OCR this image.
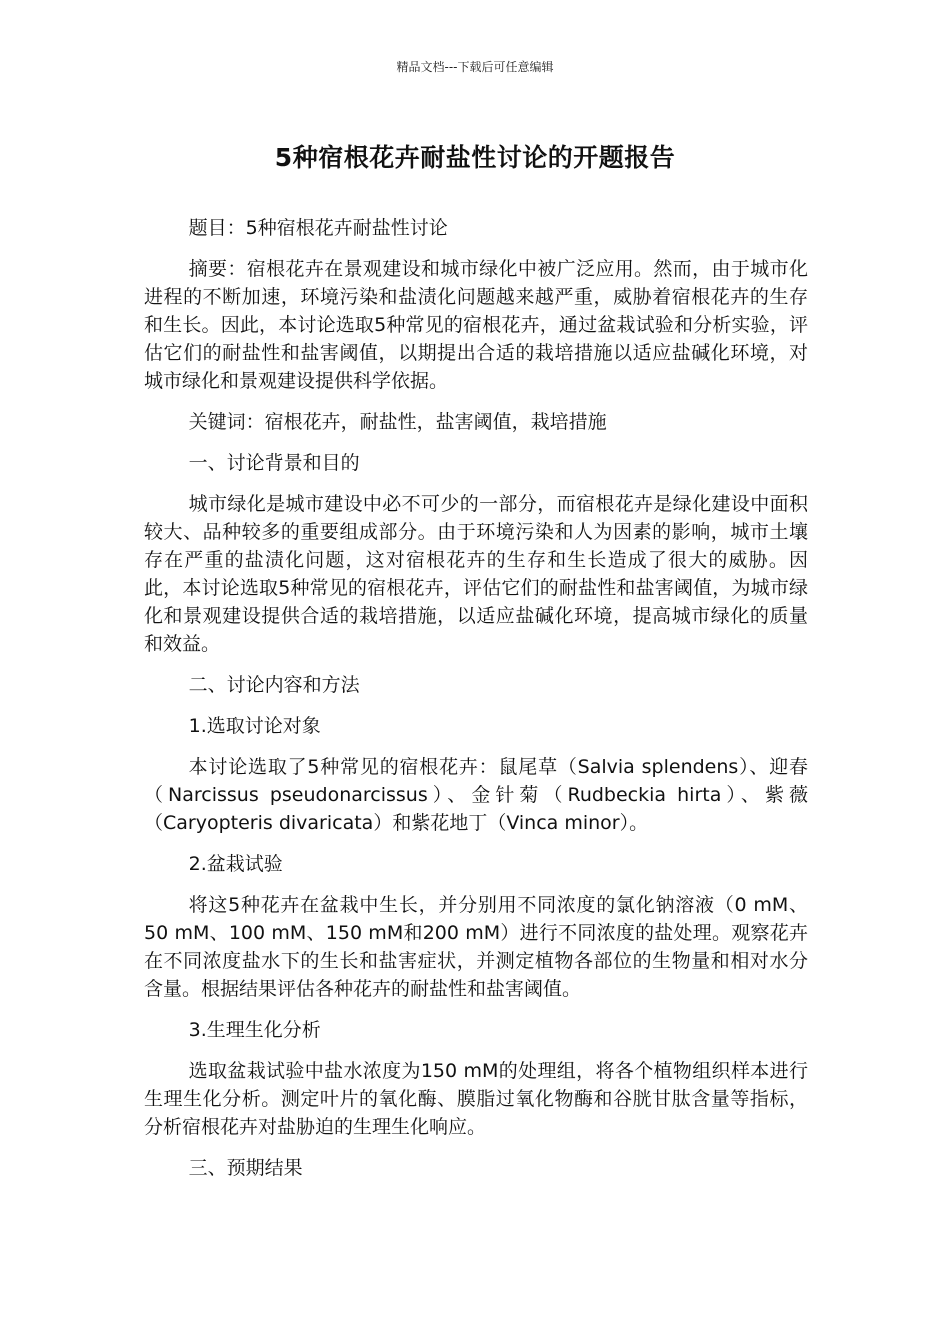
精品文档---下载后可任意编辑
5种宿根花卉耐盐性讨论的开题报告

题目：5种宿根花卉耐盐性讨论

摘要：宿根花卉在景观建设和城市绿化中被广泛应用。然而，由于城市化进程的不断加速，环境污染和盐渍化问题越来越严重，威胁着宿根花卉的生存和生长。因此，本讨论选取5种常见的宿根花卉，通过盆栽试验和分析实验，评估它们的耐盐性和盐害阈值，以期提出合适的栽培措施以适应盐碱化环境，对城市绿化和景观建设提供科学依据。

关键词：宿根花卉，耐盐性，盐害阈值，栽培措施

一、讨论背景和目的

城市绿化是城市建设中必不可少的一部分，而宿根花卉是绿化建设中面积较大、品种较多的重要组成部分。由于环境污染和人为因素的影响，城市土壤存在严重的盐渍化问题，这对宿根花卉的生存和生长造成了很大的威胁。因此，本讨论选取5种常见的宿根花卉，评估它们的耐盐性和盐害阈值，为城市绿化和景观建设提供合适的栽培措施，以适应盐碱化环境，提高城市绿化的质量和效益。

二、讨论内容和方法

1.选取讨论对象

本讨论选取了5种常见的宿根花卉：鼠尾草（Salvia splendens）、迎春（Narcissus pseudonarcissus）、金针菊（Rudbeckia hirta）、紫薇（Caryopteris divaricata）和紫花地丁（Vinca minor）。

2.盆栽试验

将这5种花卉在盆栽中生长，并分别用不同浓度的氯化钠溶液（0 mM、50 mM、100 mM、150 mM和200 mM）进行不同浓度的盐处理。观察花卉在不同浓度盐水下的生长和盐害症状，并测定植物各部位的生物量和相对水分含量。根据结果评估各种花卉的耐盐性和盐害阈值。

3.生理生化分析

选取盆栽试验中盐水浓度为150 mM的处理组，将各个植物组织样本进行生理生化分析。测定叶片的氧化酶、膜脂过氧化物酶和谷胱甘肽含量等指标，分析宿根花卉对盐胁迫的生理生化响应。

三、预期结果
